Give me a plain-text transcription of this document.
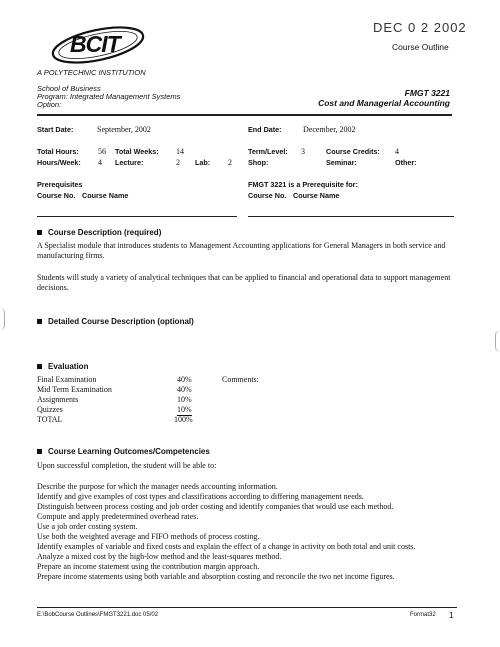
DEC 0 2 2002
Course Outline
BCIT
A POLYTECHNIC INSTITUTION
School of Business
Program: Integrated Management Systems
Option:
FMGT 3221
Cost and Managerial Accounting
Start Date:	September, 2002	End Date:	December, 2002
Total Hours: 56 Total Weeks: 14	Term/Level: 3	Course Credits: 4
Hours/Week: 4 Lecture:	2 Lab: 2 Shop:	Seminar:	Other:
Prerequisites
Course No. Course Name
FMGT 3221 is a Prerequisite for:
Course No. Course Name
Course Description (required)
A Specialist module that introduces students to Management Accounting applications for General Managers in both service and manufacturing firms.
Students will study a variety of analytical techniques that can be applied to financial and operational data to support management decisions.
Detailed Course Description (optional)
Evaluation
Final Examination	40%
Mid Term Examination	40%
Assignments	10%
Quizzes	10%
TOTAL	100%
Comments:
Course Learning Outcomes/Competencies
Upon successful completion, the student will be able to:
Describe the purpose for which the manager needs accounting information.
Identify and give examples of cost types and classifications according to differing management needs.
Distinguish between process costing and job order costing and identify companies that would use each method.
Compute and apply predetermined overhead rates.
Use a job order costing system.
Use both the weighted average and FIFO methods of process costing.
Identify examples of variable and fixed costs and explain the effect of a change in activity on both total and unit costs.
Analyze a mixed cost by the high-low method and the least-squares method.
Prepare an income statement using the contribution margin approach.
Prepare income statements using both variable and absorption costing and reconcile the two net income figures.
E:\BobCourse Outlines\FMGT3221.doc 05/02	Format32 1
